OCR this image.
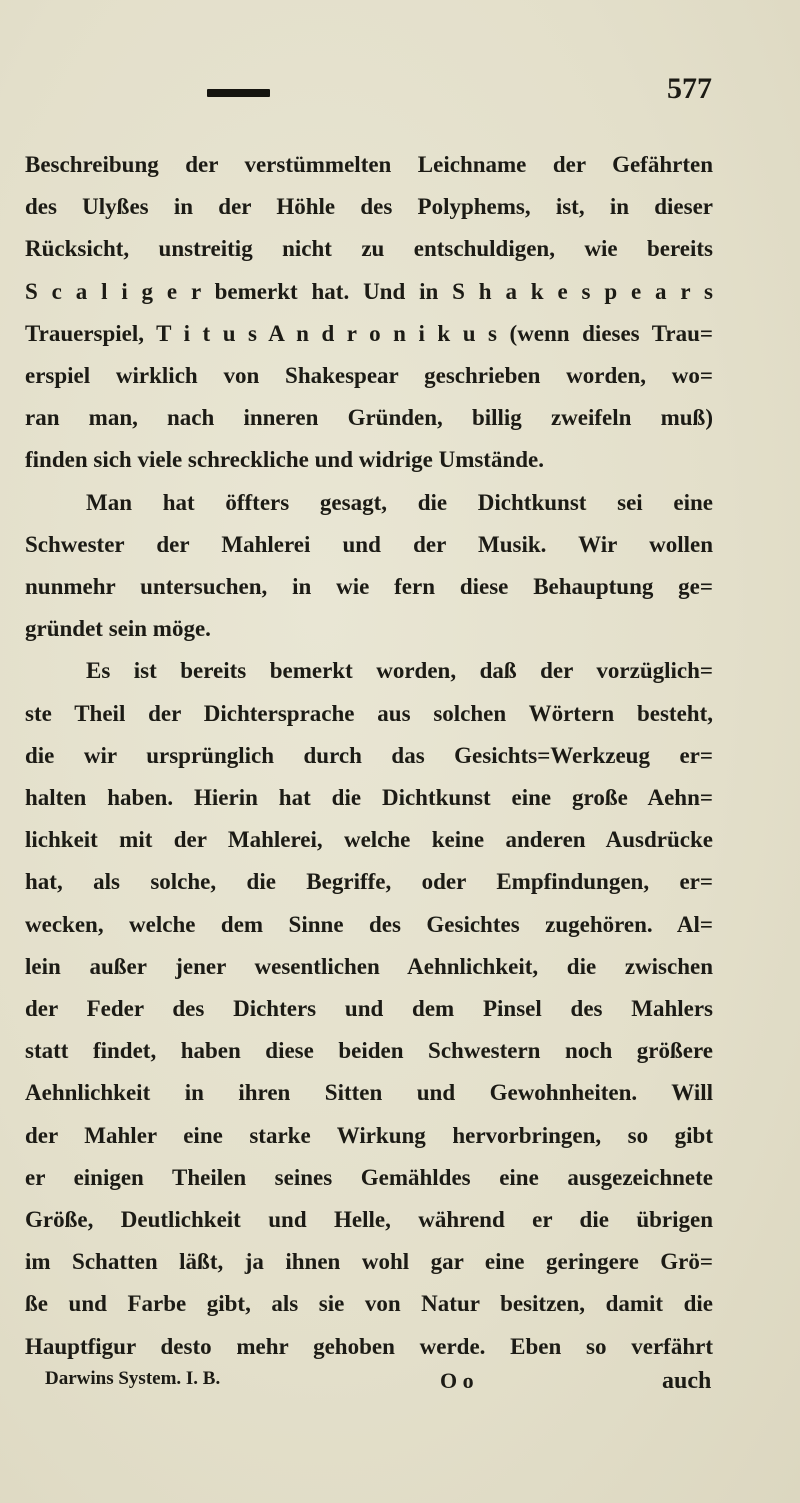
577
Beschreibung der verstümmelten Leichname der Gefährten
des Ulyßes in der Höhle des Polyphems, ist, in dieser
Rücksicht, unstreitig nicht zu entschuldigen, wie bereits
S c a l i g e r bemerkt hat. Und in S h a k e s p e a r s
Trauerspiel, T i t u s A n d r o n i k u s (wenn dieses Trau=
erspiel wirklich von Shakespear geschrieben worden, wo=
ran man, nach inneren Gründen, billig zweifeln muß)
finden sich viele schreckliche und widrige Umstände.
Man hat öffters gesagt, die Dichtkunst sei eine
Schwester der Mahlerei und der Musik. Wir wollen
nunmehr untersuchen, in wie fern diese Behauptung ge=
gründet sein möge.
Es ist bereits bemerkt worden, daß der vorzüglich=
ste Theil der Dichtersprache aus solchen Wörtern besteht,
die wir ursprünglich durch das Gesichts=Werkzeug er=
halten haben. Hierin hat die Dichtkunst eine große Aehn=
lichkeit mit der Mahlerei, welche keine anderen Ausdrücke
hat, als solche, die Begriffe, oder Empfindungen, er=
wecken, welche dem Sinne des Gesichtes zugehören. Al=
lein außer jener wesentlichen Aehnlichkeit, die zwischen
der Feder des Dichters und dem Pinsel des Mahlers
statt findet, haben diese beiden Schwestern noch größere
Aehnlichkeit in ihren Sitten und Gewohnheiten. Will
der Mahler eine starke Wirkung hervorbringen, so gibt
er einigen Theilen seines Gemähldes eine ausgezeichnete
Größe, Deutlichkeit und Helle, während er die übrigen
im Schatten läßt, ja ihnen wohl gar eine geringere Grö=
ße und Farbe gibt, als sie von Natur besitzen, damit die
Hauptfigur desto mehr gehoben werde. Eben so verfährt
Darwins System. I. B.	O o	auch
